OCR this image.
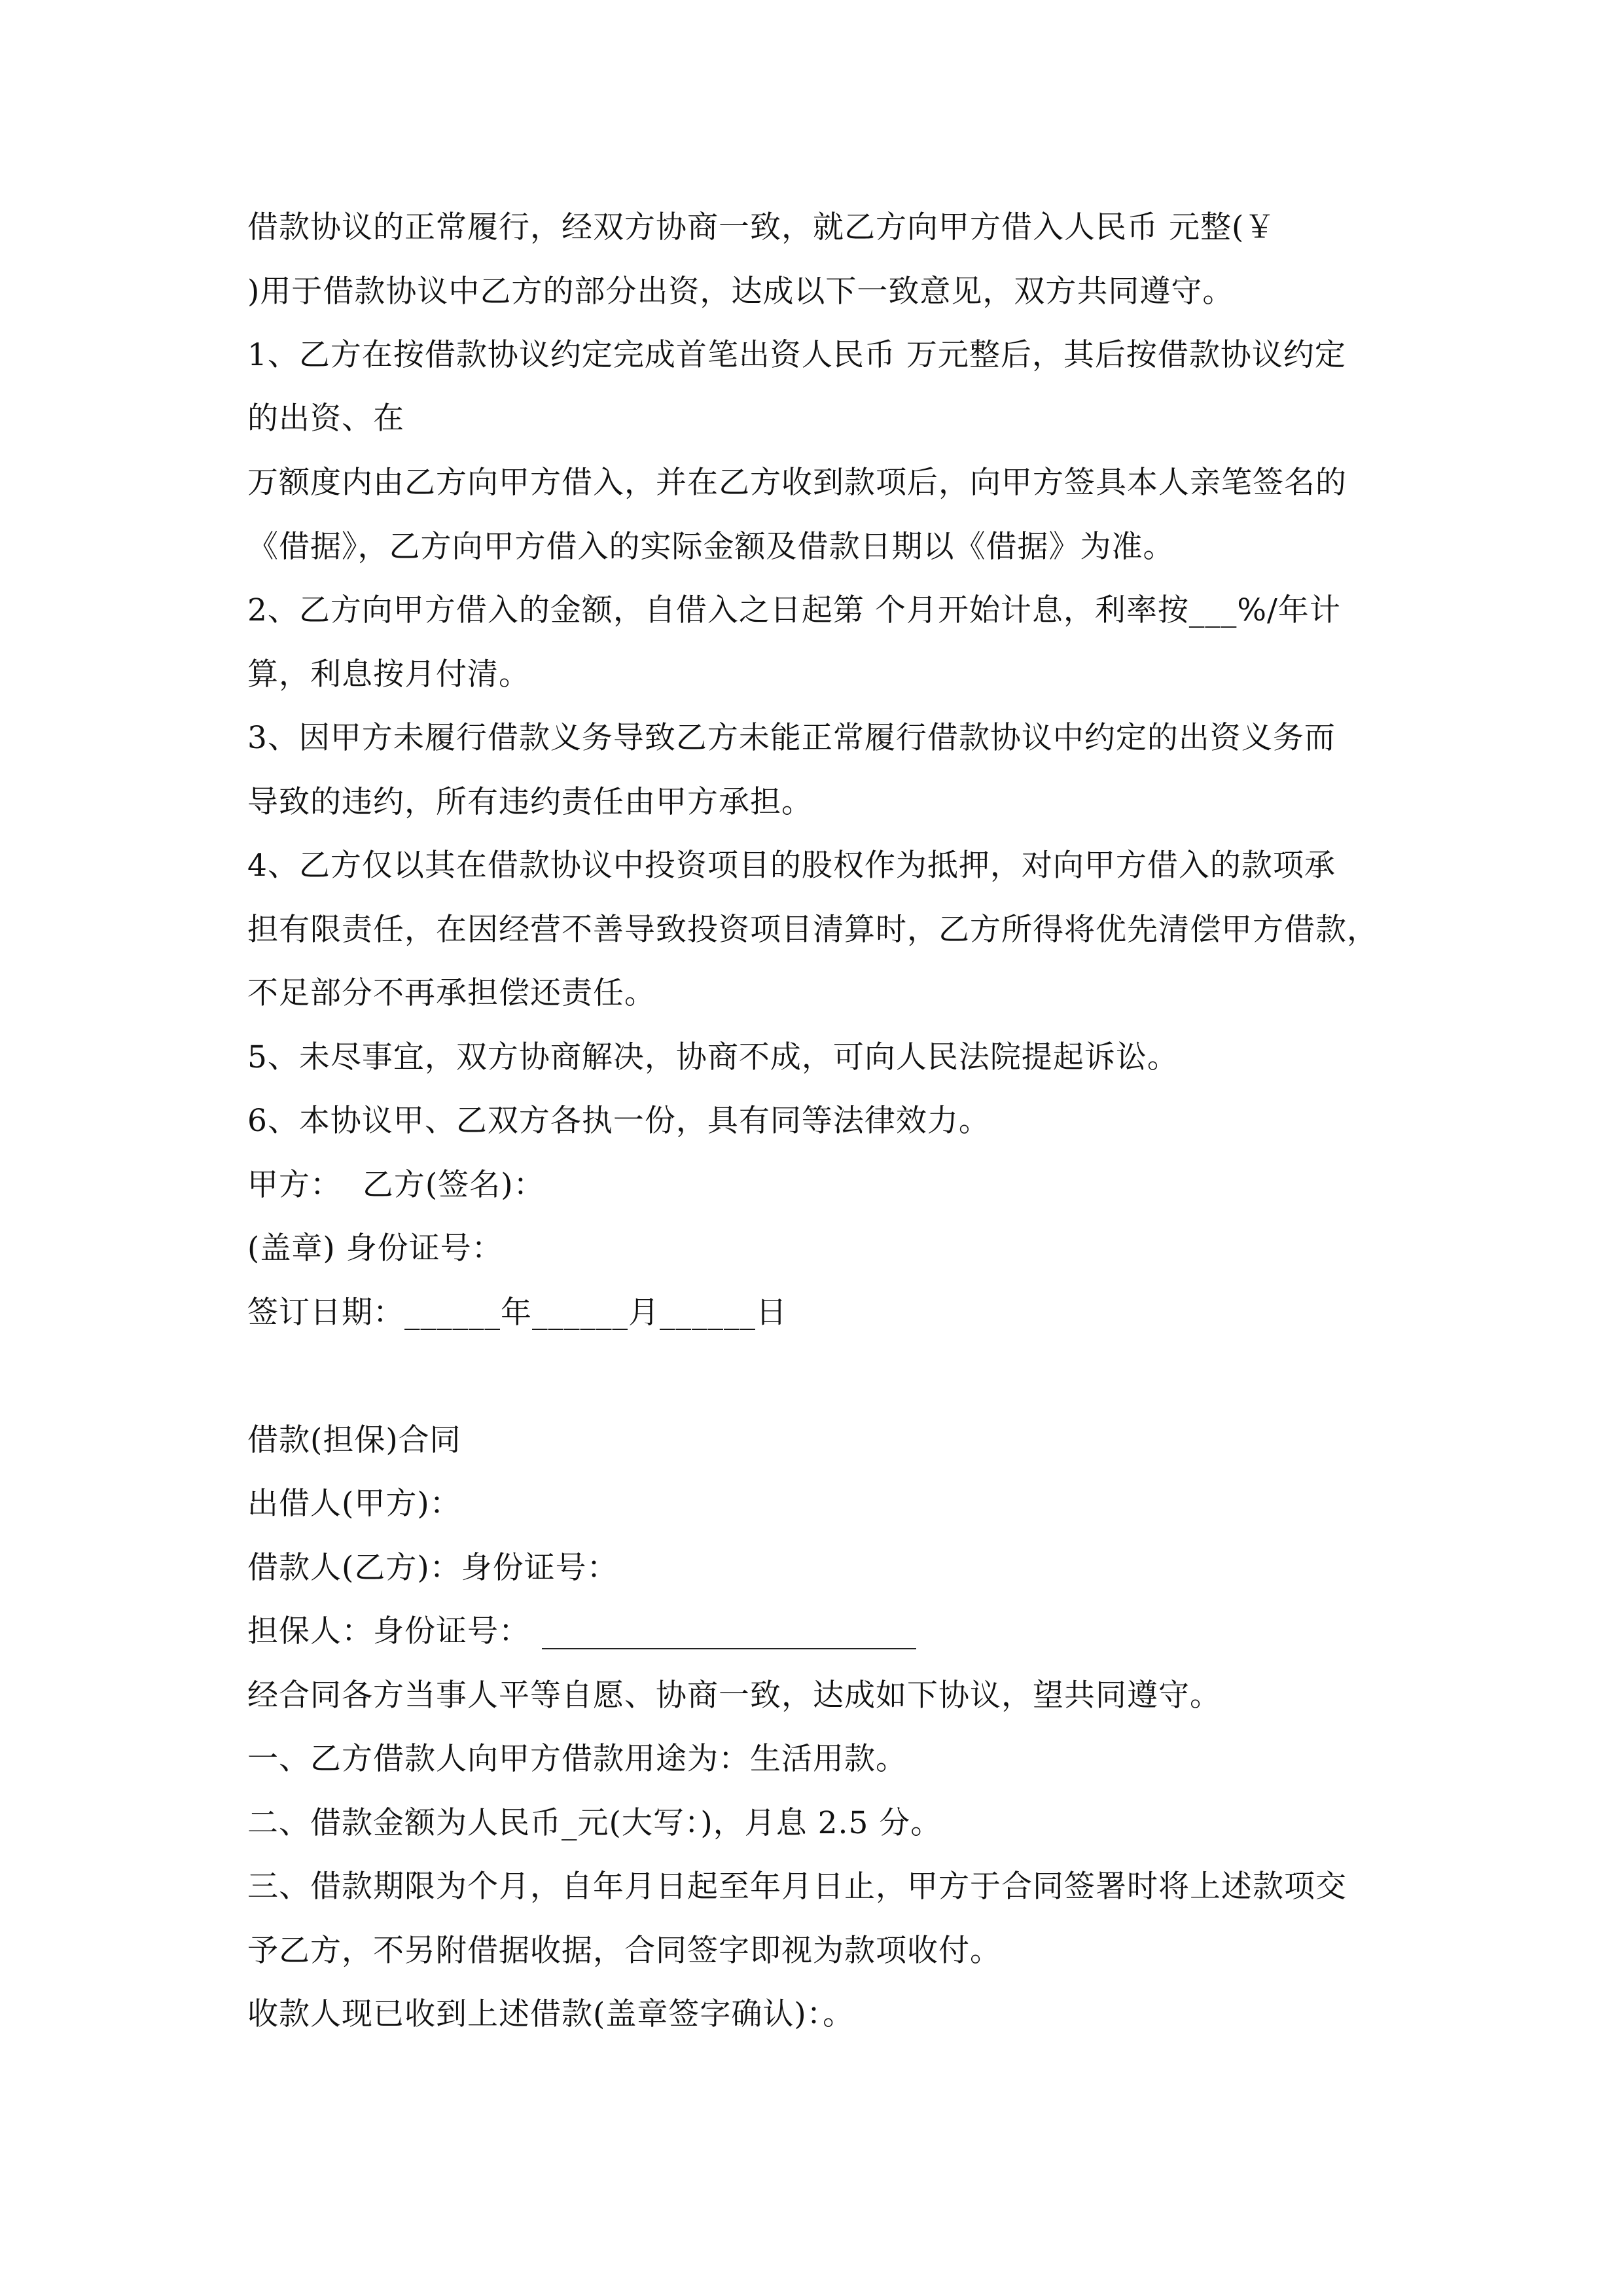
借款协议的正常履行，经双方协商一致，就乙方向甲方借入人民币 元整(￥
)用于借款协议中乙方的部分出资，达成以下一致意见，双方共同遵守。
1、乙方在按借款协议约定完成首笔出资人民币 万元整后，其后按借款协议约定
的出资、在
万额度内由乙方向甲方借入，并在乙方收到款项后，向甲方签具本人亲笔签名的
《借据》，乙方向甲方借入的实际金额及借款日期以《借据》为准。
2、乙方向甲方借入的金额，自借入之日起第 个月开始计息，利率按___%/年计
算，利息按月付清。
3、因甲方未履行借款义务导致乙方未能正常履行借款协议中约定的出资义务而
导致的违约，所有违约责任由甲方承担。
4、乙方仅以其在借款协议中投资项目的股权作为抵押，对向甲方借入的款项承
担有限责任，在因经营不善导致投资项目清算时，乙方所得将优先清偿甲方借款，
不足部分不再承担偿还责任。
5、未尽事宜，双方协商解决，协商不成，可向人民法院提起诉讼。
6、本协议甲、乙双方各执一份，具有同等法律效力。
甲方：  乙方(签名)：
(盖章) 身份证号：
签订日期：______年______月______日
借款(担保)合同
出借人(甲方)：
借款人(乙方)：身份证号：
担保人：身份证号：
经合同各方当事人平等自愿、协商一致，达成如下协议，望共同遵守。
一、乙方借款人向甲方借款用途为：生活用款。
二、借款金额为人民币_元(大写：)，月息 2.5 分。
三、借款期限为个月，自年月日起至年月日止，甲方于合同签署时将上述款项交
予乙方，不另附借据收据，合同签字即视为款项收付。
收款人现已收到上述借款(盖章签字确认)：。
